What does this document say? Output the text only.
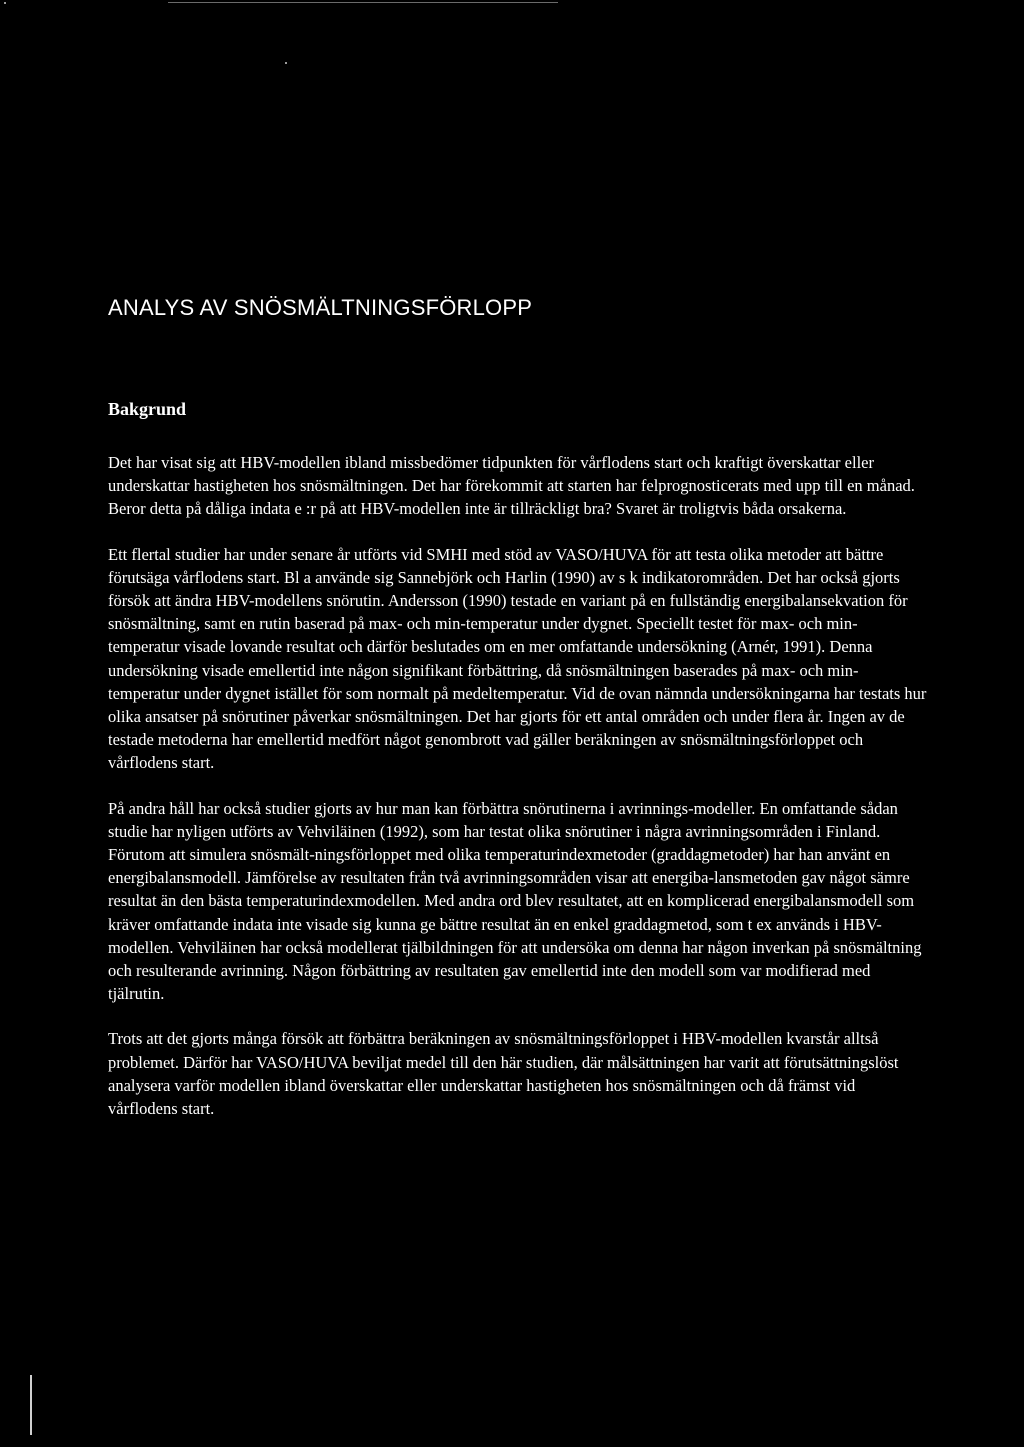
ANALYS AV SNÖSMÄLTNINGSFÖRLOPP
Bakgrund

Det har visat sig att HBV-modellen ibland missbedömer tidpunkten för vårflodens start och kraftigt överskattar eller underskattar hastigheten hos snösmältningen. Det har förekommit att starten har felprognosticerats med upp till en månad. Beror detta på dåliga indata e :r på att HBV-modellen inte är tillräckligt bra? Svaret är troligtvis båda orsakerna.

Ett flertal studier har under senare år utförts vid SMHI med stöd av VASO/HUVA för att testa olika metoder att bättre förutsäga vårflodens start. Bl a använde sig Sannebjörk och Harlin (1990) av s k indikatorområden. Det har också gjorts försök att ändra HBV-modellens snörutin. Andersson (1990) testade en variant på en fullständig energibalansekvation för snösmältning, samt en rutin baserad på max- och min-temperatur under dygnet. Speciellt testet för max- och min-temperatur visade lovande resultat och därför beslutades om en mer omfattande undersökning (Arnér, 1991). Denna undersökning visade emellertid inte någon signifikant förbättring, då snösmältningen baserades på max- och min-temperatur under dygnet istället för som normalt på medeltemperatur. Vid de ovan nämnda undersökningarna har testats hur olika ansatser på snörutiner påverkar snösmältningen. Det har gjorts för ett antal områden och under flera år. Ingen av de testade metoderna har emellertid medfört något genombrott vad gäller beräkningen av snösmältningsförloppet och vårflodens start.

På andra håll har också studier gjorts av hur man kan förbättra snörutinerna i avrinnings-modeller. En omfattande sådan studie har nyligen utförts av Vehviläinen (1992), som har testat olika snörutiner i några avrinningsområden i Finland. Förutom att simulera snösmält-ningsförloppet med olika temperaturindexmetoder (graddagmetoder) har han använt en energibalansmodell. Jämförelse av resultaten från två avrinningsområden visar att energiba-lansmetoden gav något sämre resultat än den bästa temperaturindexmodellen. Med andra ord blev resultatet, att en komplicerad energibalansmodell som kräver omfattande indata inte visade sig kunna ge bättre resultat än en enkel graddagmetod, som t ex används i HBV-modellen. Vehviläinen har också modellerat tjälbildningen för att undersöka om denna har någon inverkan på snösmältning och resulterande avrinning. Någon förbättring av resultaten gav emellertid inte den modell som var modifierad med tjälrutin.

Trots att det gjorts många försök att förbättra beräkningen av snösmältningsförloppet i HBV-modellen kvarstår alltså problemet. Därför har VASO/HUVA beviljat medel till den här studien, där målsättningen har varit att förutsättningslöst analysera varför modellen ibland överskattar eller underskattar hastigheten hos snösmältningen och då främst vid vårflodens start.
